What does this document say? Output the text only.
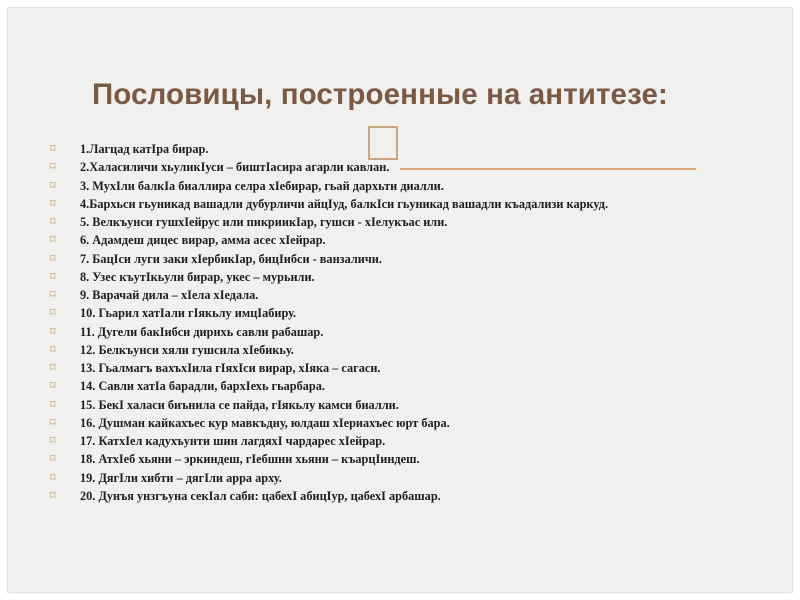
Пословицы, построенные на антитезе:
⌑ 1.Лагцад катIра бирар.
⌑ 2.Халасиличи хьуликIуси – биштIасира агарли кавлан.
⌑ 3. МухIли балкIа биаллира селра хIебирар, гьай дархьти диалли.
⌑ 4.Бархьси гьуникад вашадли дубурличи айцIуд, балкIси гьуникад вашадли къадализи каркуд.
⌑ 5. Велкъунси гушхIейрус или пикриикIар, гушси - хIелукъас или.
⌑ 6. Адамдеш дицес вирар, амма асес хIейрар.
⌑ 7. БацIси луги заки хIербикIар, бицIибси - ванзаличи.
⌑ 8. Узес къутIкьули бирар, укес – мурьили.
⌑ 9. Варачай дила – хIела хIедала.
⌑ 10. Гьарил хатIали гIякьлу имцIабиру.
⌑ 11. Дугели бакIибси дирихь савли рабашар.
⌑ 12. Белкъунси хяли гушсила хIебикьу.
⌑ 13. Гьалмагъ вахъхIила гIяхIси вирар, хIяка – сагаси.
⌑ 14. Савли хатIа барадли, бархIехь гьарбара.
⌑ 15. БекI халаси биънила се пайда, гIякьлу камси биалли.
⌑ 16. Душман кайкахъес кур мавкъдну, юлдаш хIериахъес юрт бара.
⌑ 17. КатхIел кадухъунти шин лагдяхI чардарес хIейрар.
⌑ 18. АтхIеб хьяни – эркиндеш, гIебшни хьяни – къарцIиндеш.
⌑ 19. ДягIли хибти – дягIли арра арху.
⌑ 20. Дунъя унзгъуна секIал саби: цабехI абицIур, цабехI арбашар.
